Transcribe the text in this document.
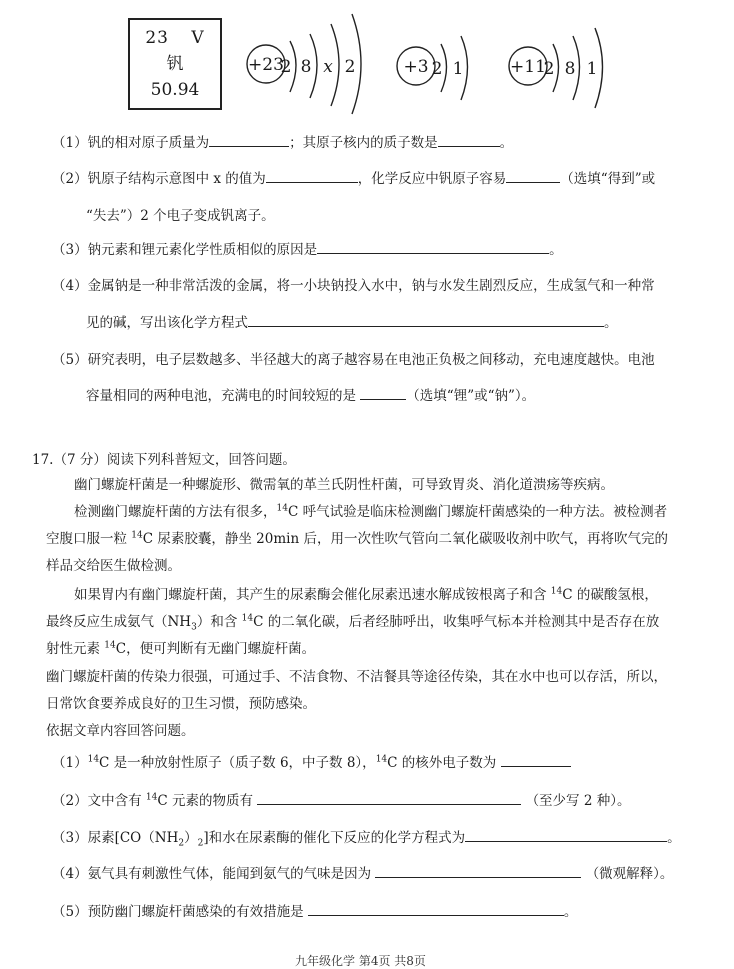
23 V
钒
50.94
+23
2 8 x 2	+3 2 1	+11
2 8 1
（1）钒的相对原子质量为	；其原子核内的质子数是	。
（2）钒原子结构示意图中 x 的值为	，化学反应中钒原子容易	（选填“得到”或
“失去”）2 个电子变成钒离子。
（3）钠元素和锂元素化学性质相似的原因是	。
（4）金属钠是一种非常活泼的金属，将一小块钠投入水中，钠与水发生剧烈反应，生成氢气和一种常
见的碱，写出该化学方程式	。
（5）研究表明，电子层数越多、半径越大的离子越容易在电池正负极之间移动，充电速度越快。电池
容量相同的两种电池，充满电的时间较短的是	（选填“锂”或“钠”）。
17.（7 分）阅读下列科普短文，回答问题。
幽门螺旋杆菌是一种螺旋形、微需氧的革兰氏阴性杆菌，可导致胃炎、消化道溃疡等疾病。
检测幽门螺旋杆菌的方法有很多，$^{14}$C 呼气试验是临床检测幽门螺旋杆菌感染的一种方法。被检测者
空腹口服一粒 $^{14}$C 尿素胶囊，静坐 20min 后，用一次性吹气管向二氧化碳吸收剂中吹气，再将吹气完的
样品交给医生做检测。
如果胃内有幽门螺旋杆菌，其产生的尿素酶会催化尿素迅速水解成铵根离子和含 $^{14}$C 的碳酸氢根，
最终反应生成氨气$(NH_3)$和含 $^{14}$C 的二氧化碳，后者经肺呼出，收集呼气标本并检测其中是否存在放
射性元素 $^{14}$C，便可判断有无幽门螺旋杆菌。
幽门螺旋杆菌的传染力很强，可通过手、不洁食物、不洁餐具等途径传染，其在水中也可以存活，所以，
日常饮食要养成良好的卫生习惯，预防感染。
依据文章内容回答问题。
$(1)^{14}C$ 是一种放射性原子（质子数 6，中子数 8），$^{14}$C 的核外电子数为
（2）文中含有 $^{14}$C 元素的物质有	（至少写 2 种）。
（3）尿素$[CO(NH_2)_2]$和水在尿素酶的催化下反应的化学方程式为	。
（4）氨气具有刺激性气体，能闻到氨气的气味是因为	（微观解释）。
（5）预防幽门螺旋杆菌感染的有效措施是	。
九年级化学 第4页 共8页
